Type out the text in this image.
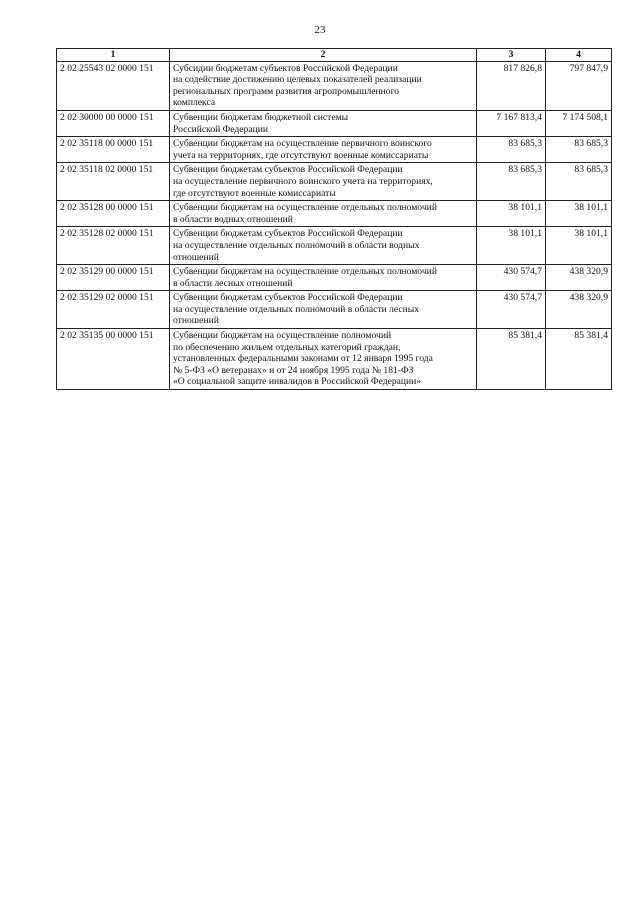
23
1	2	3	4
2 02 25543 02 0000 151	Субсидии бюджетам субъектов Российской Федерации
на содействие достижению целевых показателей реализации
региональных программ развития агропромышленного
комплекса	817 826,8	797 847,9
2 02 30000 00 0000 151	Субвенции бюджетам бюджетной системы
Российской Федерации	7 167 813,4	7 174 508,1
2 02 35118 00 0000 151	Субвенции бюджетам на осуществление первичного воинского
учета на территориях, где отсутствуют военные комиссариаты	83 685,3	83 685,3
2 02 35118 02 0000 151	Субвенции бюджетам субъектов Российской Федерации
на осуществление первичного воинского учета на территориях,
где отсутствуют военные комиссариаты	83 685,3	83 685,3
2 02 35128 00 0000 151	Субвенции бюджетам на осуществление отдельных полномочий
в области водных отношений	38 101,1	38 101,1
2 02 35128 02 0000 151	Субвенции бюджетам субъектов Российской Федерации
на осуществление отдельных полномочий в области водных
отношений	38 101,1	38 101,1
2 02 35129 00 0000 151	Субвенции бюджетам на осуществление отдельных полномочий
в области лесных отношений	430 574,7	438 320,9
2 02 35129 02 0000 151	Субвенции бюджетам субъектов Российской Федерации
на осуществление отдельных полномочий в области лесных
отношений	430 574,7	438 320,9
2 02 35135 00 0000 151	Субвенции бюджетам на осуществление полномочий
по обеспечению жильем отдельных категорий граждан,
установленных федеральными законами от 12 января 1995 года
№ 5-ФЗ «О ветеранах» и от 24 ноября 1995 года № 181-ФЗ
«О социальной защите инвалидов в Российской Федерации»	85 381,4	85 381,4
